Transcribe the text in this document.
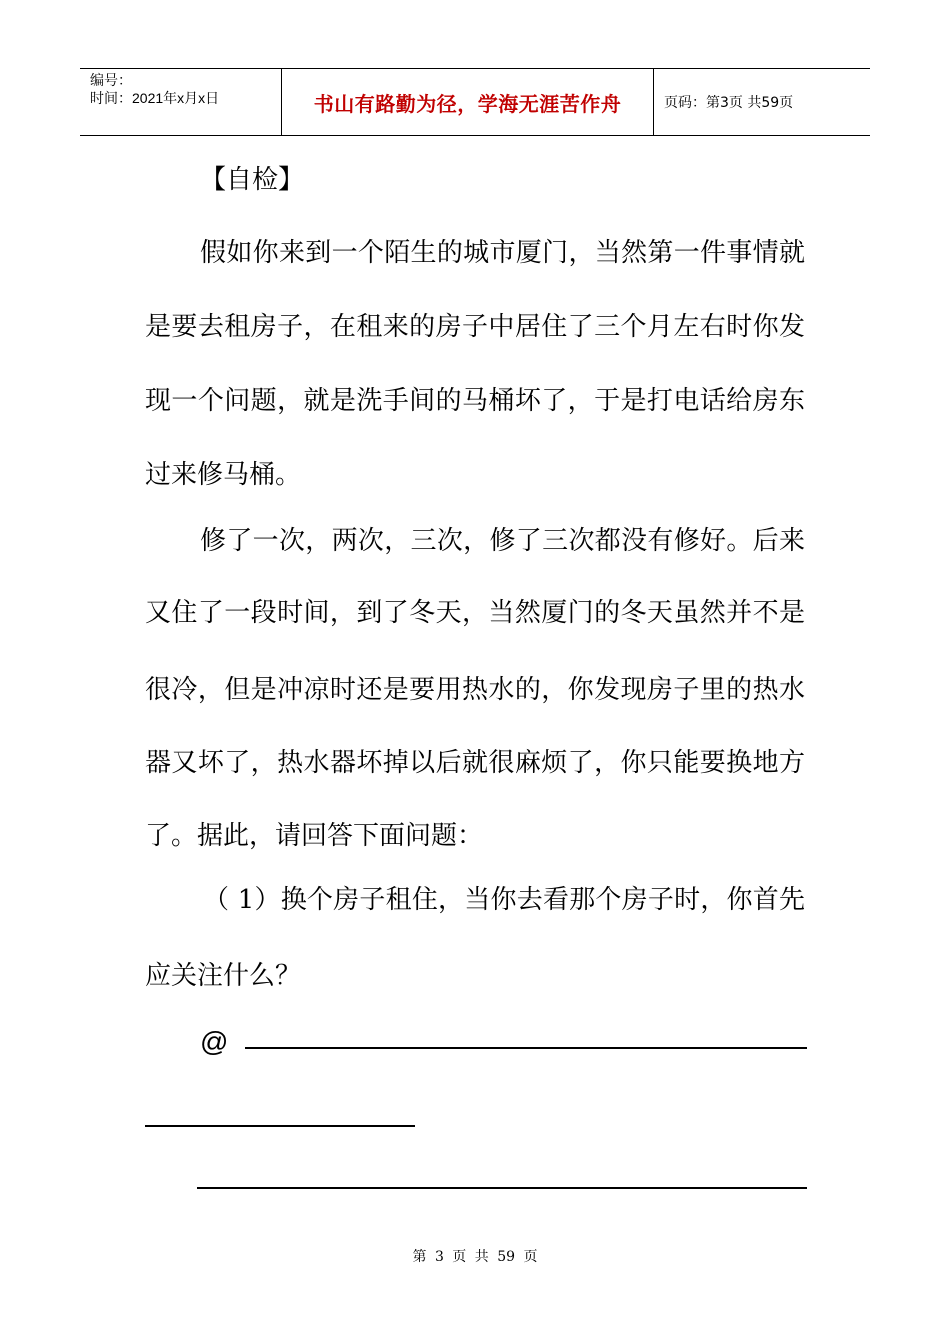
编号：
时间：2021年x月x日	书山有路勤为径，学海无涯苦作舟	页码：第3页 共59页
【自检】
假如你来到一个陌生的城市厦门，当然第一件事情就
是要去租房子，在租来的房子中居住了三个月左右时你发
现一个问题，就是洗手间的马桶坏了，于是打电话给房东
过来修马桶。
修了一次，两次，三次，修了三次都没有修好。后来
又住了一段时间，到了冬天，当然厦门的冬天虽然并不是
很冷，但是冲凉时还是要用热水的，你发现房子里的热水
器又坏了，热水器坏掉以后就很麻烦了，你只能要换地方
了。据此，请回答下面问题：
（ 1）换个房子租住，当你去看那个房子时，你首先
应关注什么？
@
第 3 页 共 59 页
